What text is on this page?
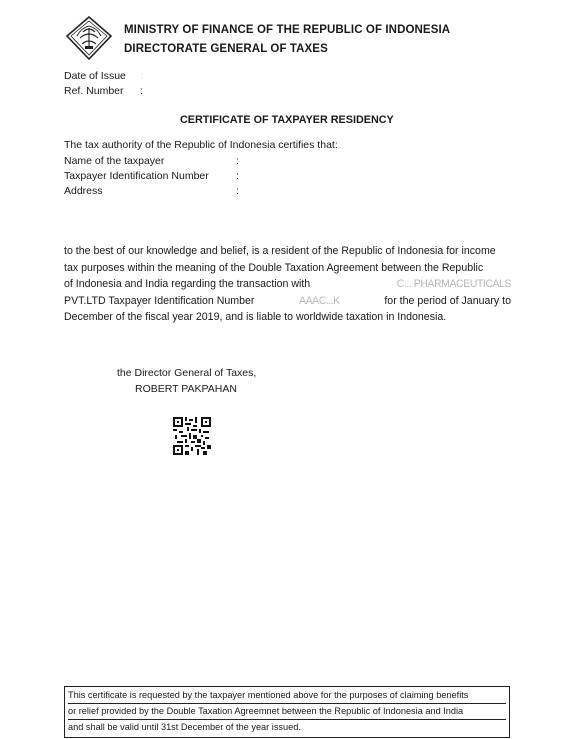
MINISTRY OF FINANCE OF THE REPUBLIC OF INDONESIA
DIRECTORATE GENERAL OF TAXES
Date of Issue :
Ref. Number :
CERTIFICATE OF TAXPAYER RESIDENCY
The tax authority of the Republic of Indonesia certifies that:
Name of the taxpayer	:
Taxpayer Identification Number	:
Address	:
to the best of our knowledge and belief, is a resident of the Republic of Indonesia for income
tax purposes within the meaning of the Double Taxation Agreement between the Republic
of Indonesia and India regarding the transaction with	C... PHARMACEUTICALS
PVT.LTD Taxpayer Identification Number	AAAC...K	for the period of January to
December of the fiscal year 2019, and is liable to worldwide taxation in Indonesia.
the Director General of Taxes,
ROBERT PAKPAHAN

This certificate is requested by the taxpayer mentioned above for the purposes of claiming benefits

or relief provided by the Double Taxation Agreemnet between the Republic of Indonesia and India

and shall be valid until 31st December of the year issued.
